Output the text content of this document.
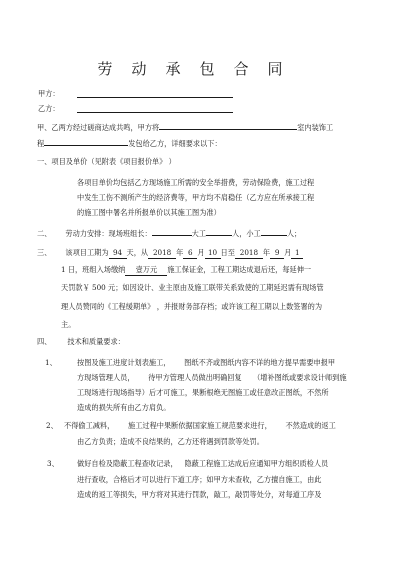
劳 动 承 包 合 同
甲方：
乙方：
甲、乙两方经过磋商达成共鸣，甲方将	室内装饰工
程	发包给乙方，详细要求以下：
一、项目及单价（见附表《项目报价单》 ）
各项目单价均包括乙方现场施工所需的安全举措费，劳动保险费，施工过程
中发生工伤不测所产生的经济费等，甲方均不肩稳任（乙方应在所承接工程
的施工图中署名并所报单价以其施工图为准）
二、 劳动力安排：现场班组长：	大工	人，小工	人；
三、 该项目工期为 94 天，从 2018 年 6 月 10 日至 2018 年 9 月 1
1 日，班组入场缴纳 壹万元 施工保证金，工程工期达成退后还，每延伸一
天罚款￥ 500 元；如因设计、业主原由及施工联带关系致使的工期延迟需有现场管
理人员赞同的《工程缓期单》 ，并报财务部存档；或许该工程工期以上数签署的为
主。
四、       技术和质量要求：
1、	按图及施工进度计划表施工，      图纸不齐或图纸内容不详的地方提早需要申报甲
方现场管理人员，      待甲方管理人员做出明确回复     （增补图纸或要求设计师到施
工现场进行现场指导）后才可施工，果断根绝无图施工或任意改正图纸，不然所
造成的损失所有由乙方肩负。
2、 不得偷工减料，      施工过程中果断依据国家施工规范要求进行，      不然造成的返工
由乙方负责；造成不良结果的，乙方还将遇到罚款等处罚。
3、	做好自检及隐蔽工程查收记录，   隐蔽工程施工达成后应通知甲方组织质检人员
进行查收，合格后才可以进行下道工序；如甲方未查收，乙方擅自施工，由此
造成的返工等损失，甲方将对其进行罚款，敲工，敲罚等处分，对每道工序及
